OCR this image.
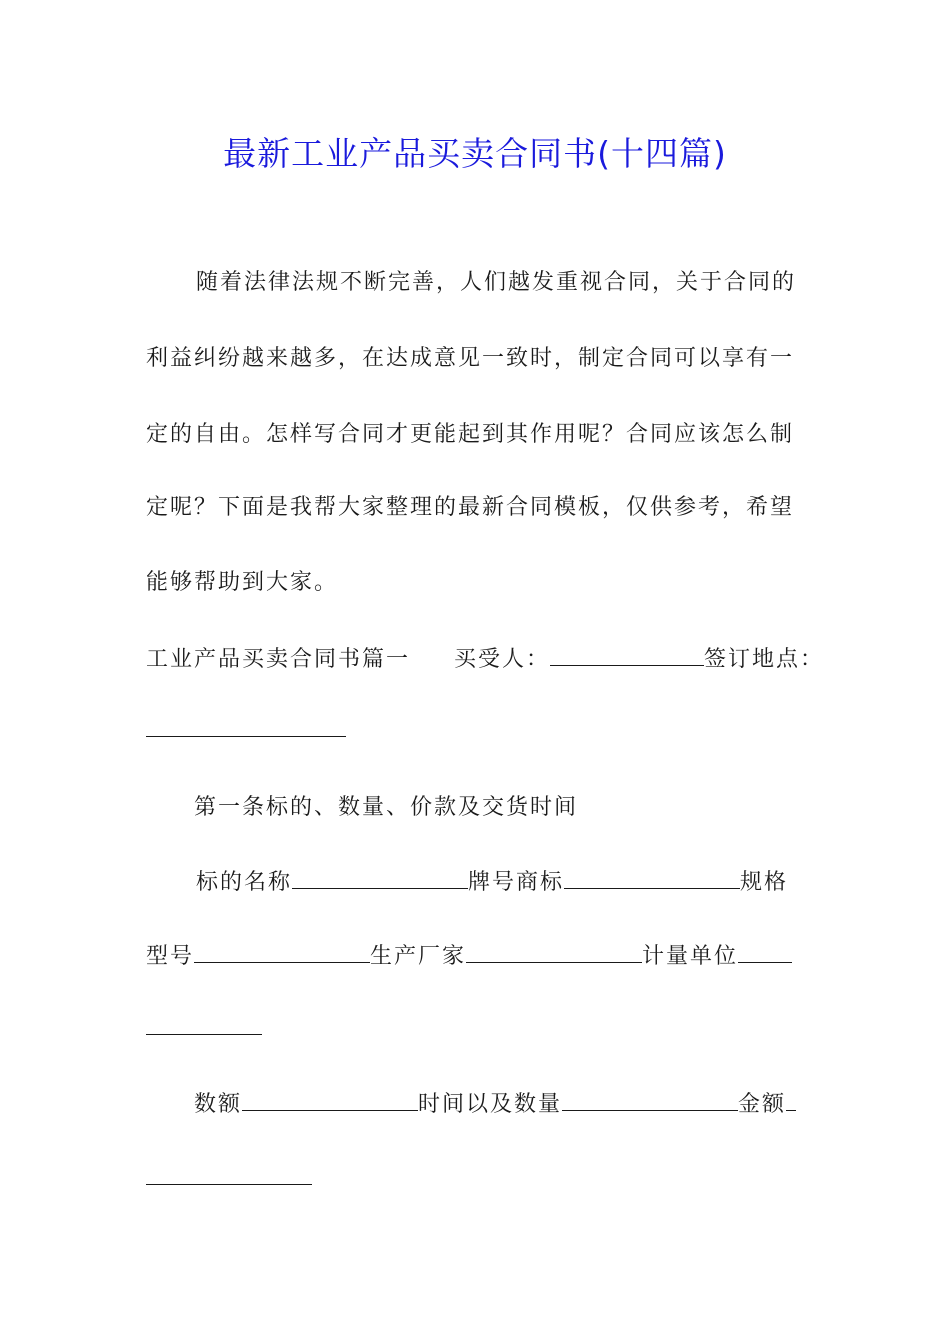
最新工业产品买卖合同书(十四篇)
随着法律法规不断完善，人们越发重视合同，关于合同的
利益纠纷越来越多，在达成意见一致时，制定合同可以享有一
定的自由。怎样写合同才更能起到其作用呢？合同应该怎么制
定呢？下面是我帮大家整理的最新合同模板，仅供参考，希望
能够帮助到大家。
工业产品买卖合同书篇一 买受人：	签订地点：
第一条标的、数量、价款及交货时间
标的名称	牌号商标	规格
型号	生产厂家	计量单位
数额	时间以及数量	金额
